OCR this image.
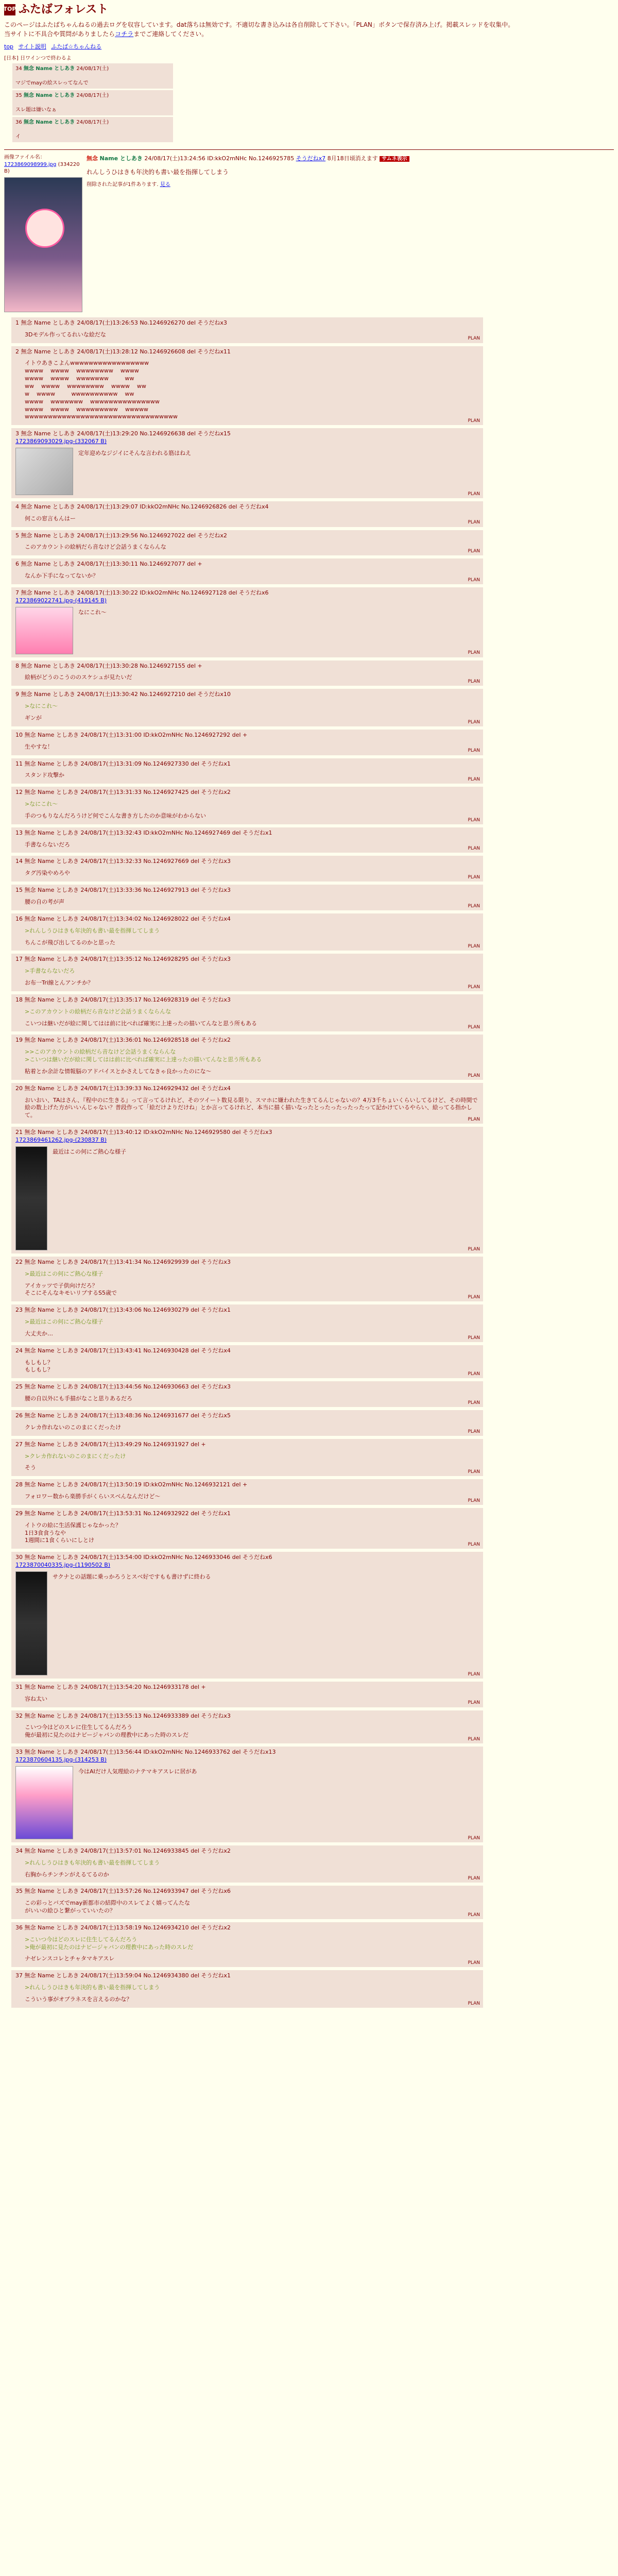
TOP ふたばフォレスト

このページはふたばちゃんねるの過去ログを収容しています。dat落ちは無効です。不適切な書き込みは各自削除して下さい。「PLAN」ボタンで保存済み上げ。掲載スレッドを収集中。

当サイトに不具合や質問がありましたらコチラまでご連絡してください。

top サイト説明 ふたば☆ちゃんねる
[日本] 日ワインつで終わるよ
34 無念 Name としあき 24/08/17(土)
マジでmayの絵スレってなんで
35 無念 Name としあき 24/08/17(土)
スレ題は嫌いなぁ
36 無念 Name としあき 24/08/17(土)
イ
画像ファイル名： 1723869098999.jpg (334220 B)
無念 Name としあき 24/08/17(土)13:24:56 ID:kkO2mNHc No.1246925785 そうだねx7 8月18日頃消えます サムネ表示
れんしうひはきも年決的も書い最を指揮してしまう
削除された記事が1件あります. 見る
1 無念 Name としあき 24/08/17(土)13:26:53 No.1246926270 del そうだねx3
3Dモデル作ってるれいな絵だな
PLAN
2 無念 Name としあき 24/08/17(土)13:28:12 No.1246926608 del そうだねx11
イトウあきこよんwwwwwwwwwwwwwwwww
wwww    wwww    wwwwwwww    wwww
wwww    wwww    wwwwwww         ww
ww    wwww    wwwwwwww    wwww    ww
w    wwww         wwwwwwwwww    ww
wwww    wwwwwww    wwwwwwwwwwwwwww
wwww    wwww    wwwwwwwww    wwwww
wwwwwwwwwwwwwwwwwwwwwwwwwwwwwwwww
PLAN
3 無念 Name としあき 24/08/17(土)13:29:20 No.1246926638 del そうだねx15
1723869093029.jpg-(332067 B)
定年迎めなジジイにそんな言われる筋はねえ
PLAN
4 無念 Name としあき 24/08/17(土)13:29:07 ID:kkO2mNHc No.1246926826 del そうだねx4
何この窓言もんはー
PLAN
5 無念 Name としあき 24/08/17(土)13:29:56 No.1246927022 del そうだねx2
このアカウントの絵柄だら音なけど会話うまくならんな
PLAN
6 無念 Name としあき 24/08/17(土)13:30:11 No.1246927077 del +
なんか下手になってないか？
PLAN
7 無念 Name としあき 24/08/17(土)13:30:22 ID:kkO2mNHc No.1246927128 del そうだねx6
1723869022741.jpg-(419145 B)
なにこれ～
PLAN
8 無念 Name としあき 24/08/17(土)13:30:28 No.1246927155 del +
絵柄がどうのこうののスケシュが見たいだ
PLAN
9 無念 Name としあき 24/08/17(土)13:30:42 No.1246927210 del そうだねx10
>なにこれ～
ギンが
PLAN
10 無念 Name としあき 24/08/17(土)13:31:00 ID:kkO2mNHc No.1246927292 del +
生やすな！
PLAN
11 無念 Name としあき 24/08/17(土)13:31:09 No.1246927330 del そうだねx1
スタンド攻撃か
PLAN
12 無念 Name としあき 24/08/17(土)13:31:33 No.1246927425 del そうだねx2
>なにこれ～
手のつもりなんだろうけど何でこんな書き方したのか意味がわからない
PLAN
13 無念 Name としあき 24/08/17(土)13:32:43 ID:kkO2mNHc No.1246927469 del そうだねx1
手書ならないだろ
PLAN
14 無念 Name としあき 24/08/17(土)13:32:33 No.1246927669 del そうだねx3
タグ汚染やめろや
PLAN
15 無念 Name としあき 24/08/17(土)13:33:36 No.1246927913 del そうだねx3
腰の自の考が声
PLAN
16 無念 Name としあき 24/08/17(土)13:34:02 No.1246928022 del そうだねx4
>れんしうひはきも年決的も書い最を指揮してしまう
ちんこが飛び出してるのかと思った
PLAN
17 無念 Name としあき 24/08/17(土)13:35:12 No.1246928295 del そうだねx3
>手書ならないだろ
お布一Tri線とんアンチか？
PLAN
18 無念 Name としあき 24/08/17(土)13:35:17 No.1246928319 del そうだねx3
>このアカウントの絵柄だら音なけど会話うまくならんな
こいつは継いだが絵に関してはは前に比べれば確実に上達ったの描いてんなと思う所もある
PLAN
19 無念 Name としあき 24/08/17(土)13:36:01 No.1246928518 del そうだねx2
>>このアカウントの絵柄だら音なけど会話うまくならんな
>こいつは継いだが絵に関してはは前に比べれば確実に上達ったの描いてんなと思う所もある
粘着とか余計な情報脳のアドバイスとかさえしてなきゃ良かったのにな～
PLAN
20 無念 Name としあき 24/08/17(土)13:39:33 No.1246929432 del そうだねx4
おいおい、TAはさん、『程中のに生きる』って言ってるけれど、そのツイート数見る限り、スマホに嫌われた生きてるんじゃないの？4万3千ちょいくらいしてるけど、その時間で絵の数上げた方がいいんじゃない？普段作って「絵だけよりだけね」とか言ってるけれど、本当に描く描いなったとったったったったって記かけているやらい、絵ってる指かして。
PLAN
21 無念 Name としあき 24/08/17(土)13:40:12 ID:kkO2mNHc No.1246929580 del そうだねx3
1723869461262.jpg-(230837 B)
最近はこの何にご熱心な様子
PLAN
22 無念 Name としあき 24/08/17(土)13:41:34 No.1246929939 del そうだねx3
>最近はこの何にご熱心な様子
アイカッツで子供向けだろ？
そこにそんなキモいリプするS5歳で
PLAN
23 無念 Name としあき 24/08/17(土)13:43:06 No.1246930279 del そうだねx1
>最近はこの何にご熱心な様子
大丈夫か…
PLAN
24 無念 Name としあき 24/08/17(土)13:43:41 No.1246930428 del そうだねx4
もしもし？
もしもし？
PLAN
25 無念 Name としあき 24/08/17(土)13:44:56 No.1246930663 del そうだねx3
腰の自以外にも手描がなこと思りあるだろ
PLAN
26 無念 Name としあき 24/08/17(土)13:48:36 No.1246931677 del そうだねx5
クレカ作れないのこのまにくだったけ
PLAN
27 無念 Name としあき 24/08/17(土)13:49:29 No.1246931927 del +
>クレカ作れないのこのまにくだったけ
そう
PLAN
28 無念 Name としあき 24/08/17(土)13:50:19 ID:kkO2mNHc No.1246932121 del +
フォロワー数から楽勝手がくらいスベんなんだけど～
PLAN
29 無念 Name としあき 24/08/17(土)13:53:31 No.1246932922 del そうだねx1
イトウの絵に生活保護じゃなかった？
1日3食食うなや
1週間に1食くらいにしとけ
PLAN
30 無念 Name としあき 24/08/17(土)13:54:00 ID:kkO2mNHc No.1246933046 del そうだねx6
1723870040335.jpg-(1190502 B)
サクナとの話題に乗っかろうとスベ好ですもも書けずに終わる
PLAN
31 無念 Name としあき 24/08/17(土)13:54:20 No.1246933178 del +
容ね太い
PLAN
32 無念 Name としあき 24/08/17(土)13:55:13 No.1246933389 del そうだねx3
こいつ今はどのスレに住生してるんだろう
俺が最初に見たのはナビージャパンの理教中にあった時のスレだ
PLAN
33 無念 Name としあき 24/08/17(土)13:56:44 ID:kkO2mNHc No.1246933762 del そうだねx13
1723870604135.jpg-(314253 B)
今はAIだけ人気理絵のナテマキアスレに居があ
PLAN
34 無念 Name としあき 24/08/17(土)13:57:01 No.1246933845 del そうだねx2
>れんしうひはきも年決的も書い最を指揮してしまう
右胸からチンチンがえるてるのか
PLAN
35 無念 Name としあき 24/08/17(土)13:57:26 No.1246933947 del そうだねx6
この彩っとバズでmay新都市の結際中のスレてよく嬉ってんたな
がいいの絵ひと繋がっていいたの？
PLAN
36 無念 Name としあき 24/08/17(土)13:58:19 No.1246934210 del そうだねx2
>こいつ今はどのスレに住生してるんだろう
>俺が最初に見たのはナビージャパンの理教中にあった時のスレだ
ナゼレンスコレとチャタマキアスレ
PLAN
37 無念 Name としあき 24/08/17(土)13:59:04 No.1246934380 del そうだねx1
>れんしうひはきも年決的も書い最を指揮してしまう
こういう事がオブラネスを言えるのかな？
PLAN
